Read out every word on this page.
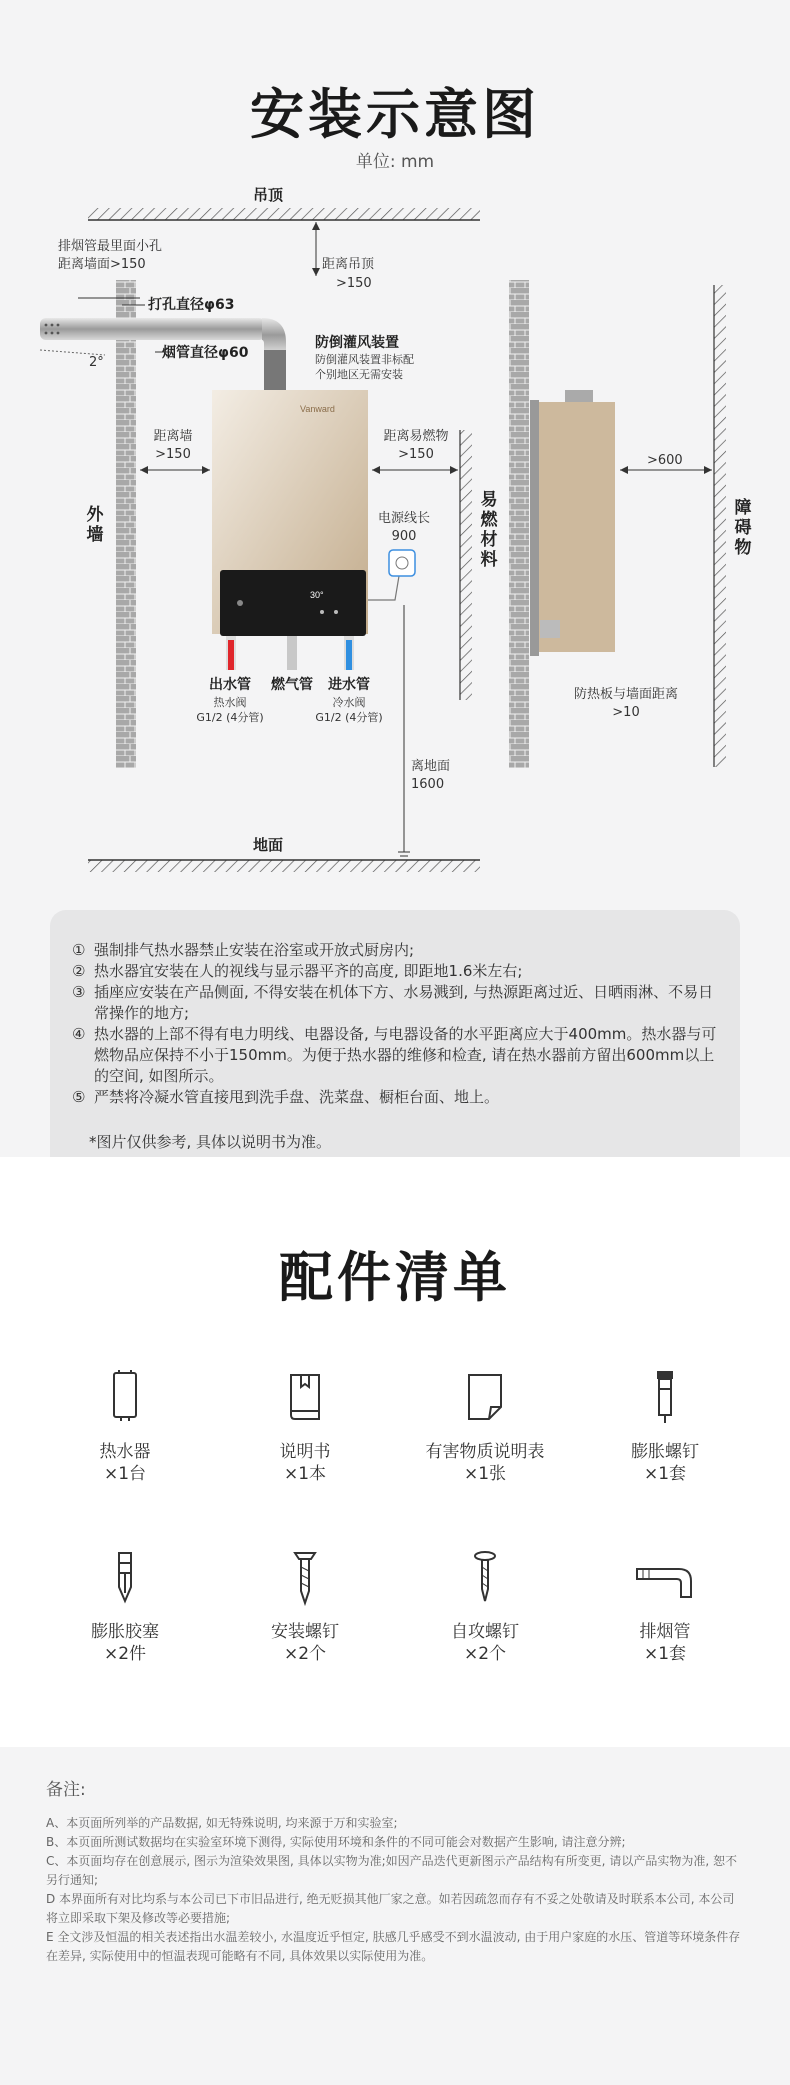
安装示意图
单位: mm
Vanward
30°
吊顶
地面
排烟管最里面小孔
距离墙面>150	距离吊顶
>150
打孔直径φ63
烟管直径φ60
2°
防倒灌风装置
防倒灌风装置非标配
个别地区无需安装
距离墙
>150
距离易燃物
>150
外墙
易燃材料
电源线长
900
出水管
热水阀
G1/2 (4分管)
燃气管	进水管
冷水阀
G1/2 (4分管)
离地面
1600
>600
障碍物
防热板与墙面距离
>10
① 强制排气热水器禁止安装在浴室或开放式厨房内;
② 热水器宜安装在人的视线与显示器平齐的高度, 即距地1.6米左右;
③ 插座应安装在产品侧面, 不得安装在机体下方、水易溅到, 与热源距离过近、日晒雨淋、不易日常操作的地方;
④ 热水器的上部不得有电力明线、电器设备, 与电器设备的水平距离应大于400mm。热水器与可燃物品应保持不小于150mm。为便于热水器的维修和检查, 请在热水器前方留出600mm以上的空间, 如图所示。
⑤ 严禁将冷凝水管直接甩到洗手盘、洗菜盘、橱柜台面、地上。
*图片仅供参考, 具体以说明书为准。
配件清单
热水器
×1台
说明书
×1本
有害物质说明表
×1张
膨胀螺钉
×1套
膨胀胶塞
×2件
安装螺钉
×2个
自攻螺钉
×2个
排烟管
×1套
备注:
A、本页面所列举的产品数据, 如无特殊说明, 均来源于万和实验室;
B、本页面所测试数据均在实验室环境下测得, 实际使用环境和条件的不同可能会对数据产生影响, 请注意分辨;
C、本页面均存在创意展示, 图示为渲染效果图, 具体以实物为准;如因产品迭代更新图示产品结构有所变更, 请以产品实物为准, 恕不另行通知;
D 本界面所有对比均系与本公司已下市旧品进行, 绝无贬损其他厂家之意。如若因疏忽而存有不妥之处敬请及时联系本公司, 本公司将立即采取下架及修改等必要措施;
E 全文涉及恒温的相关表述指出水温差较小, 水温度近乎恒定, 肤感几乎感受不到水温波动, 由于用户家庭的水压、管道等环境条件存在差异, 实际使用中的恒温表现可能略有不同, 具体效果以实际使用为准。
